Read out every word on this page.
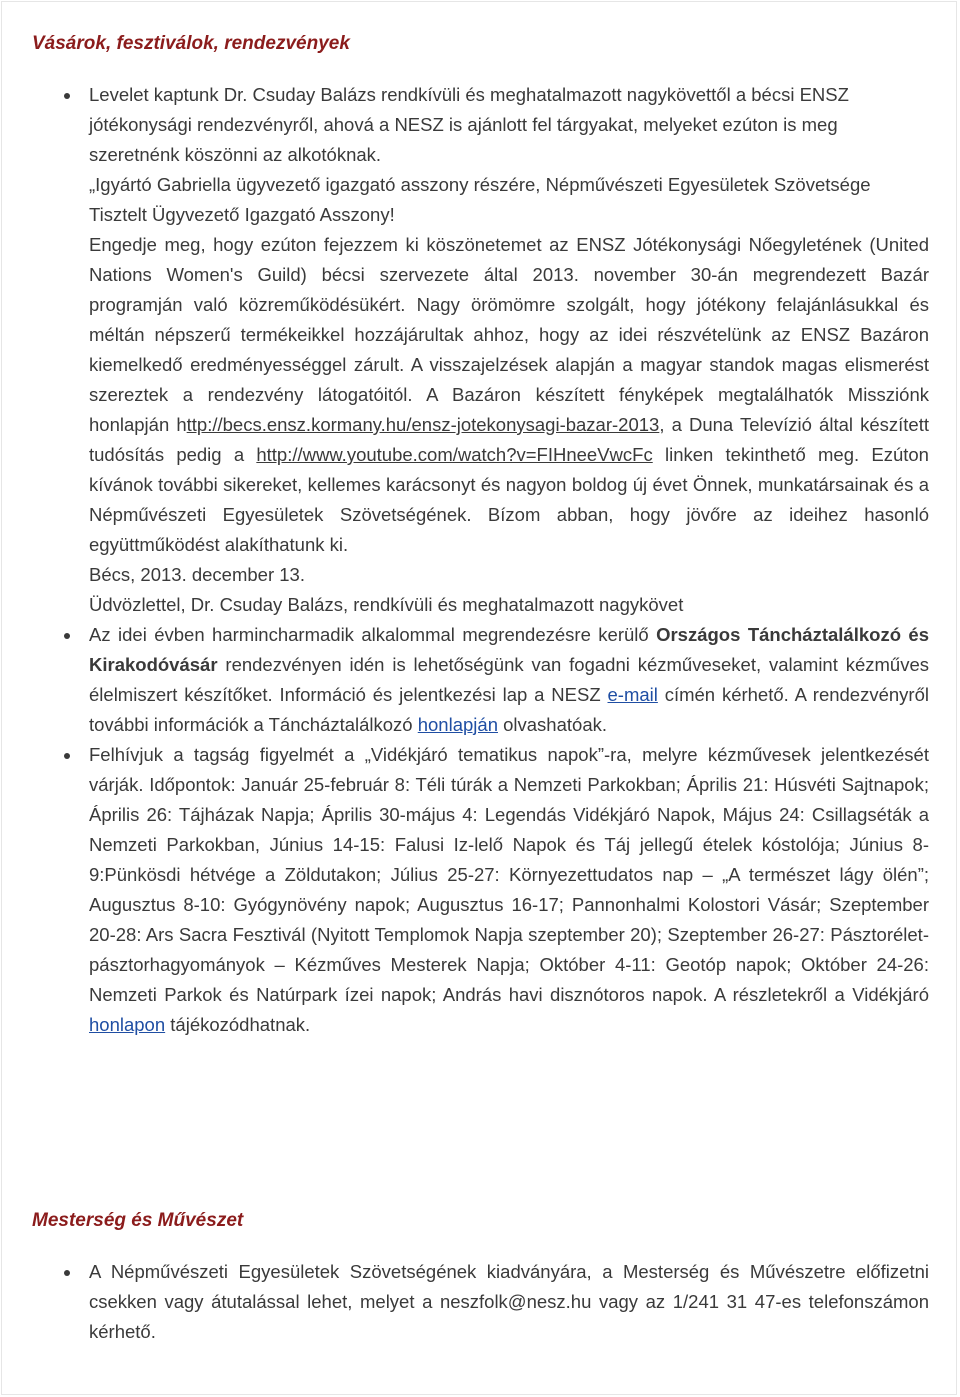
Vásárok, fesztiválok, rendezvények

Levelet kaptunk Dr. Csuday Balázs rendkívüli és meghatalmazott nagykövettől a bécsi ENSZ jótékonysági rendezvényről, ahová a NESZ is ajánlott fel tárgyakat, melyeket ezúton is meg szeretnénk köszönni az alkotóknak.

„Igyártó Gabriella ügyvezető igazgató asszony részére, Népművészeti Egyesületek Szövetsége

Tisztelt Ügyvezető Igazgató Asszony!

Engedje meg, hogy ezúton fejezzem ki köszönetemet az ENSZ Jótékonysági Nőegyletének (United Nations Women's Guild) bécsi szervezete által 2013. november 30-án megrendezett Bazár programján való közreműködésükért. Nagy örömömre szolgált, hogy jótékony felajánlásukkal és méltán népszerű termékeikkel hozzájárultak ahhoz, hogy az idei részvételünk az ENSZ Bazáron kiemelkedő eredményességgel zárult. A visszajelzések alapján a magyar standok magas elismerést szereztek a rendezvény látogatóitól. A Bazáron készített fényképek megtalálhatók Missziónk honlapján http://becs.ensz.kormany.hu/ensz-jotekonysagi-bazar-2013, a Duna Televízió által készített tudósítás pedig a http://www.youtube.com/watch?v=FIHneeVwcFc linken tekinthető meg. Ezúton kívánok további sikereket, kellemes karácsonyt és nagyon boldog új évet Önnek, munkatársainak és a Népművészeti Egyesületek Szövetségének. Bízom abban, hogy jövőre az ideihez hasonló együttműködést alakíthatunk ki.

Bécs, 2013. december 13.

Üdvözlettel, Dr. Csuday Balázs, rendkívüli és meghatalmazott nagykövet

Az idei évben harmincharmadik alkalommal megrendezésre kerülő Országos Táncháztalálkozó és Kirakodóvásár rendezvényen idén is lehetőségünk van fogadni kézműveseket, valamint kézműves élelmiszert készítőket. Információ és jelentkezési lap a NESZ e-mail címén kérhető. A rendezvényről további információk a Táncháztalálkozó honlapján olvashatóak.

Felhívjuk a tagság figyelmét a „Vidékjáró tematikus napok”-ra, melyre kézművesek jelentkezését várják. Időpontok: Január 25-február 8: Téli túrák a Nemzeti Parkokban; Április 21: Húsvéti Sajtnapok; Április 26: Tájházak Napja; Április 30-május 4: Legendás Vidékjáró Napok, Május 24: Csillagséták a Nemzeti Parkokban, Június 14-15: Falusi Iz-lelő Napok és Táj jellegű ételek kóstolója; Június 8-9:Pünkösdi hétvége a Zöldutakon; Július 25-27: Környezettudatos nap – „A természet lágy ölén”; Augusztus 8-10: Gyógynövény napok; Augusztus 16-17; Pannonhalmi Kolostori Vásár; Szeptember 20-28: Ars Sacra Fesztivál (Nyitott Templomok Napja szeptember 20); Szeptember 26-27: Pásztorélet-pásztorhagyományok – Kézműves Mesterek Napja; Október 4-11: Geotóp napok; Október 24-26: Nemzeti Parkok és Natúrpark ízei napok; András havi disznótoros napok. A részletekről a Vidékjáró honlapon tájékozódhatnak.

Mesterség és Művészet

A Népművészeti Egyesületek Szövetségének kiadványára, a Mesterség és Művészetre előfizetni csekken vagy átutalással lehet, melyet a neszfolk@nesz.hu vagy az 1/241 31 47-es telefonszámon kérhető.
